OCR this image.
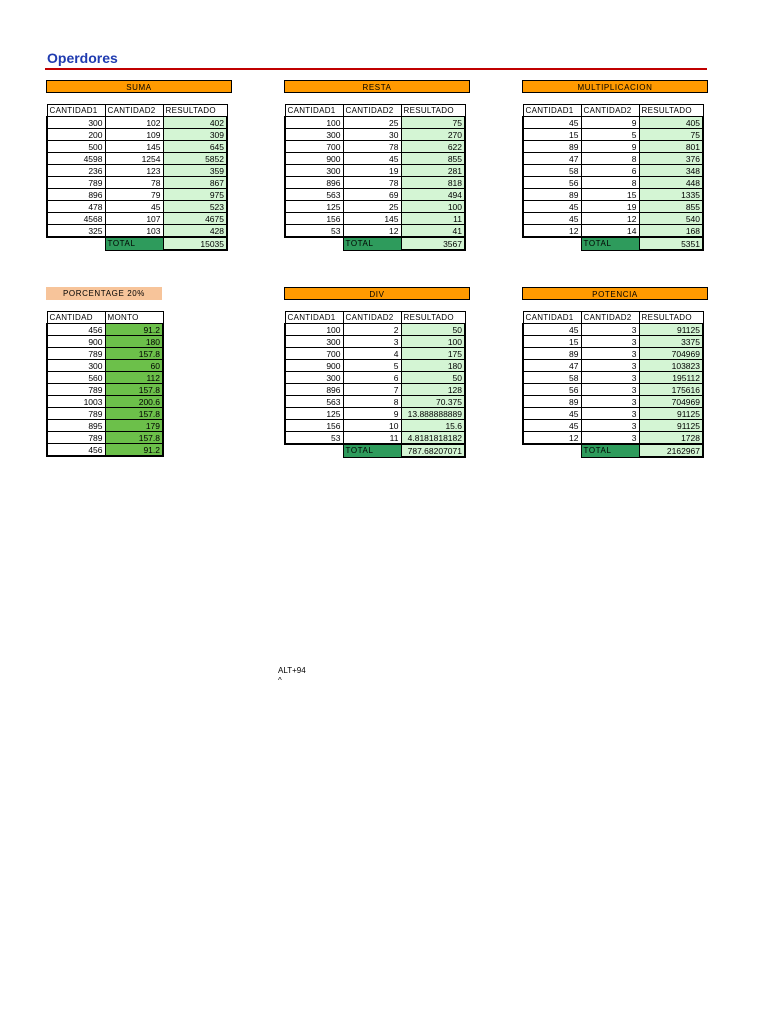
Operdores
SUMA
CANTIDAD1	CANTIDAD2	RESULTADO
300	102	402
200	109	309
500	145	645
4598	1254	5852
236	123	359
789	78	867
896	79	975
478	45	523
4568	107	4675
325	103	428
	TOTAL	15035
RESTA
CANTIDAD1	CANTIDAD2	RESULTADO
100	25	75
300	30	270
700	78	622
900	45	855
300	19	281
896	78	818
563	69	494
125	25	100
156	145	11
53	12	41
	TOTAL	3567
MULTIPLICACION
CANTIDAD1	CANTIDAD2	RESULTADO
45	9	405
15	5	75
89	9	801
47	8	376
58	6	348
56	8	448
89	15	1335
45	19	855
45	12	540
12	14	168
	TOTAL	5351
PORCENTAGE 20%
CANTIDAD	MONTO
456	91.2
900	180
789	157.8
300	60
560	112
789	157.8
1003	200.6
789	157.8
895	179
789	157.8
456	91.2
DIV
CANTIDAD1	CANTIDAD2	RESULTADO
100	2	50
300	3	100
700	4	175
900	5	180
300	6	50
896	7	128
563	8	70.375
125	9	13.888888889
156	10	15.6
53	11	4.8181818182
	TOTAL	787.68207071
POTENCIA
CANTIDAD1	CANTIDAD2	RESULTADO
45	3	91125
15	3	3375
89	3	704969
47	3	103823
58	3	195112
56	3	175616
89	3	704969
45	3	91125
45	3	91125
12	3	1728
	TOTAL	2162967
ALT+94
^
